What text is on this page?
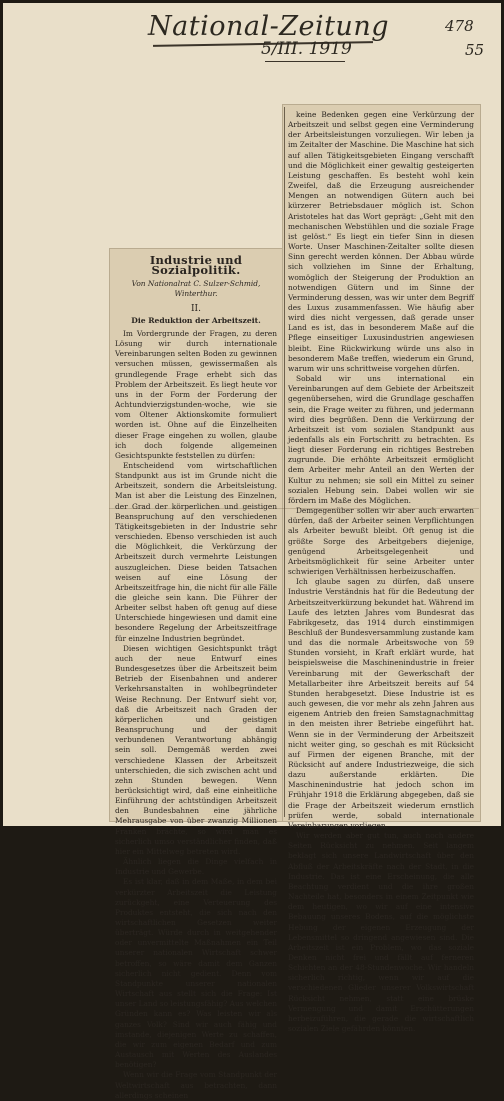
National-Zeitung
5/III. 1919
478
55
Industrie und Sozialpolitik.
Von Nationalrat C. Sulzer-Schmid, Winterthur.
II.
Die Reduktion der Arbeitszeit.

Im Vordergrunde der Fragen, zu deren Lösung wir durch internationale Vereinbarungen selten Boden zu gewinnen versuchen müssen, gewissermaßen als grundlegende Frage erhebt sich das Problem der Arbeitszeit. Es liegt heute vor uns in der Form der Forderung der Achtundvierzigstunden-woche, wie sie vom Oltener Aktionskomite formuliert worden ist. Ohne auf die Einzelheiten dieser Frage eingehen zu wollen, glaube ich doch folgende allgemeinen Gesichtspunkte feststellen zu dürfen:

Entscheidend vom wirtschaftlichen Standpunkt aus ist im Grunde nicht die Arbeitszeit, sondern die Arbeitsleistung. Man ist aber die Leistung des Einzelnen, der Grad der körperlichen und geistigen Beanspruchung auf den verschiedenen Tätigkeitsgebieten in der Industrie sehr verschieden. Ebenso verschieden ist auch die Möglichkeit, die Verkürzung der Arbeitszeit durch vermehrte Leistungen auszugleichen. Diese beiden Tatsachen weisen auf eine Lösung der Arbeitszeitfrage hin, die nicht für alle Fälle die gleiche sein kann. Die Führer der Arbeiter selbst haben oft genug auf diese Unterschiede hingewiesen und damit eine besondere Regelung der Arbeitszeitfrage für einzelne Industrien begründet.

Diesen wichtigen Gesichtspunkt trägt auch der neue Entwurf eines Bundesgesetzes über die Arbeitszeit beim Betrieb der Eisenbahnen und anderer Verkehrsanstalten in wohlbegründeter Weise Rechnung. Der Entwurf sieht vor, daß die Arbeitszeit nach Graden der körperlichen und geistigen Beanspruchung und der damit verbundenen Verantwortung abhängig sein soll. Demgemäß werden zwei verschiedene Klassen der Arbeitszeit unterschieden, die sich zwischen acht und zehn Stunden bewegen. Wenn berücksichtigt wird, daß eine einheitliche Einführung der achtstündigen Arbeitszeit den Bundesbahnen eine jährliche Mehrausgabe von über zwanzig Millionen Franken brächte, so wird man es sicherlich umso verständlicher finden, daß hier ein Mittelweg betreten wird.

Ähnlich liegen die Dinge vielfach in Industrie und Gewerbe.

Es ist klar, daß in dem Maße, in dem bei verkürzter Arbeitszeit die Leistung zurückgeht, eine Verteuerung des Produktes entsteht, die sich nach den wirtschaftlichen Gesetzen weiter überträgt. Würde durch in weitgehender oder unvermittelte Maßnahmen ein Teil unserer nationalen Wirtschaft schwer betroffen, so wäre damit dem Ganzen sicherlich nicht gedient. Denn vom Standpunkte unserer nationalen Wirtschaft aus stellt sich die Frage: Ist unser Land so leistungsfähig? Aus welchen Gründen kann es? Was leisten wir als ganzes Volk? Sind wir auch fähig und imstande, diejenigen Werte zu schaffen, die wir zum eigenen Bedarf und zum Austausch mit Werten des Auslandes benötigen?

Wenn wir die Frage vom Standpunkt der Weltwirtschaft aus betrachten, dann allerdings scheinen

keine Bedenken gegen eine Verkürzung der Arbeitszeit und selbst gegen eine Verminderung der Arbeitsleistungen vorzuliegen. Wir leben ja im Zeitalter der Maschine. Die Maschine hat sich auf allen Tätigkeitsgebieten Eingang verschafft und die Möglichkeit einer gewaltig gesteigerten Leistung geschaffen. Es besteht wohl kein Zweifel, daß die Erzeugung ausreichender Mengen an notwendigen Gütern auch bei kürzerer Betriebsdauer möglich ist. Schon Aristoteles hat das Wort geprägt: „Geht mit den mechanischen Webstühlen und die soziale Frage ist gelöst.“ Es liegt ein tiefer Sinn in diesen Worte. Unser Maschinen-Zeitalter sollte diesen Sinn gerecht werden können. Der Abbau würde sich vollziehen im Sinne der Erhaltung, womöglich der Steigerung der Produktion an notwendigen Gütern und im Sinne der Verminderung dessen, was wir unter dem Begriff des Luxus zusammenfassen. Wie häufig aber wird dies nicht vergessen, daß gerade unser Land es ist, das in besonderem Maße auf die Pflege einseitiger Luxusindustrien angewiesen bleibt. Eine Rückwirkung würde uns also in besonderem Maße treffen, wiederum ein Grund, warum wir uns schrittweise vorgehen dürfen.

Sobald wir uns international ein Vereinbarungen auf dem Gebiete der Arbeitszeit gegenübersehen, wird die Grundlage geschaffen sein, die Frage weiter zu führen, und jedermann wird dies begrüßen. Denn die Verkürzung der Arbeitszeit ist vom sozialen Standpunkt aus jedenfalls als ein Fortschritt zu betrachten. Es liegt dieser Forderung ein richtiges Bestreben zugrunde. Die erhöhte Arbeitszeit ermöglicht dem Arbeiter mehr Anteil an den Werten der Kultur zu nehmen; sie soll ein Mittel zu seiner sozialen Hebung sein. Dabei wollen wir sie fördern im Maße des Möglichen.

Demgegenüber sollen wir aber auch erwarten dürfen, daß der Arbeiter seinen Verpflichtungen als Arbeiter bewußt bleibt. Oft genug ist die größte Sorge des Arbeitgebers diejenige, genügend Arbeitsgelegenheit und Arbeitsmöglichkeit für seine Arbeiter unter schwierigen Verhältnissen herbeizuschaffen.

Ich glaube sagen zu dürfen, daß unsere Industrie Verständnis hat für die Bedeutung der Arbeitszeitverkürzung bekundet hat. Während im Laufe des letzten Jahres vom Bundesrat das Fabrikgesetz, das 1914 durch einstimmigen Beschluß der Bundesversammlung zustande kam und das die normale Arbeitswoche von 59 Stunden vorsieht, in Kraft erklärt wurde, hat beispielsweise die Maschinenindustrie in freier Vereinbarung mit der Gewerkschaft der Metallarbeiter ihre Arbeitszeit bereits auf 54 Stunden herabgesetzt. Diese Industrie ist es auch gewesen, die vor mehr als zehn Jahren aus eigenem Antrieb den freien Samstagnachmittag in den meisten ihrer Betriebe eingeführt hat. Wenn sie in der Verminderung der Arbeitszeit nicht weiter ging, so geschah es mit Rücksicht auf Firmen der eigenen Branche, mit der Rücksicht auf andere Industriezweige, die sich dazu außerstande erklärten. Die Maschinenindustrie hat jedoch schon im Frühjahr 1918 die Erklärung abgegeben, daß sie die Frage der Arbeitszeit wiederum ernstlich prüfen werde, sobald internationale Vereinbarungen vorliegen.

Wir werden aber gut tun, auch noch andere Seiten Rücksicht zu nehmen. Seit langem beklagt sich unsere Landwirtschaft über den Abfluß der Arbeitskräfte nach der Stadt, in die Industrie. Das ist eine Erscheinung, die alle Beachtung verdient und die ihre großen Nachteile hat, besonders in einem Zeitpunkt wie dem heutigen, wo wir auf eine intensive Bebauung unseres Bodens, auf die möglichste Hebung der eigenen Erzeugung der Lebensmittel so dringend angewiesen sind. Die Arbeitszeit ist ein Problem, wo das soziale Denken nicht frei und fällt auf ferneren Schichten an der 48-Stundenwoche. Wir handeln sicherlich richtig, wenn wir auf die verschiedenen Glieder unserer Volkswirtschaft Rücksicht nehmen, statt eine brüske Vermengung und damit Erschütterungen herbeizuführen, die gerade die wirtschaftlich sozialen Ziele gefährden könnten.
